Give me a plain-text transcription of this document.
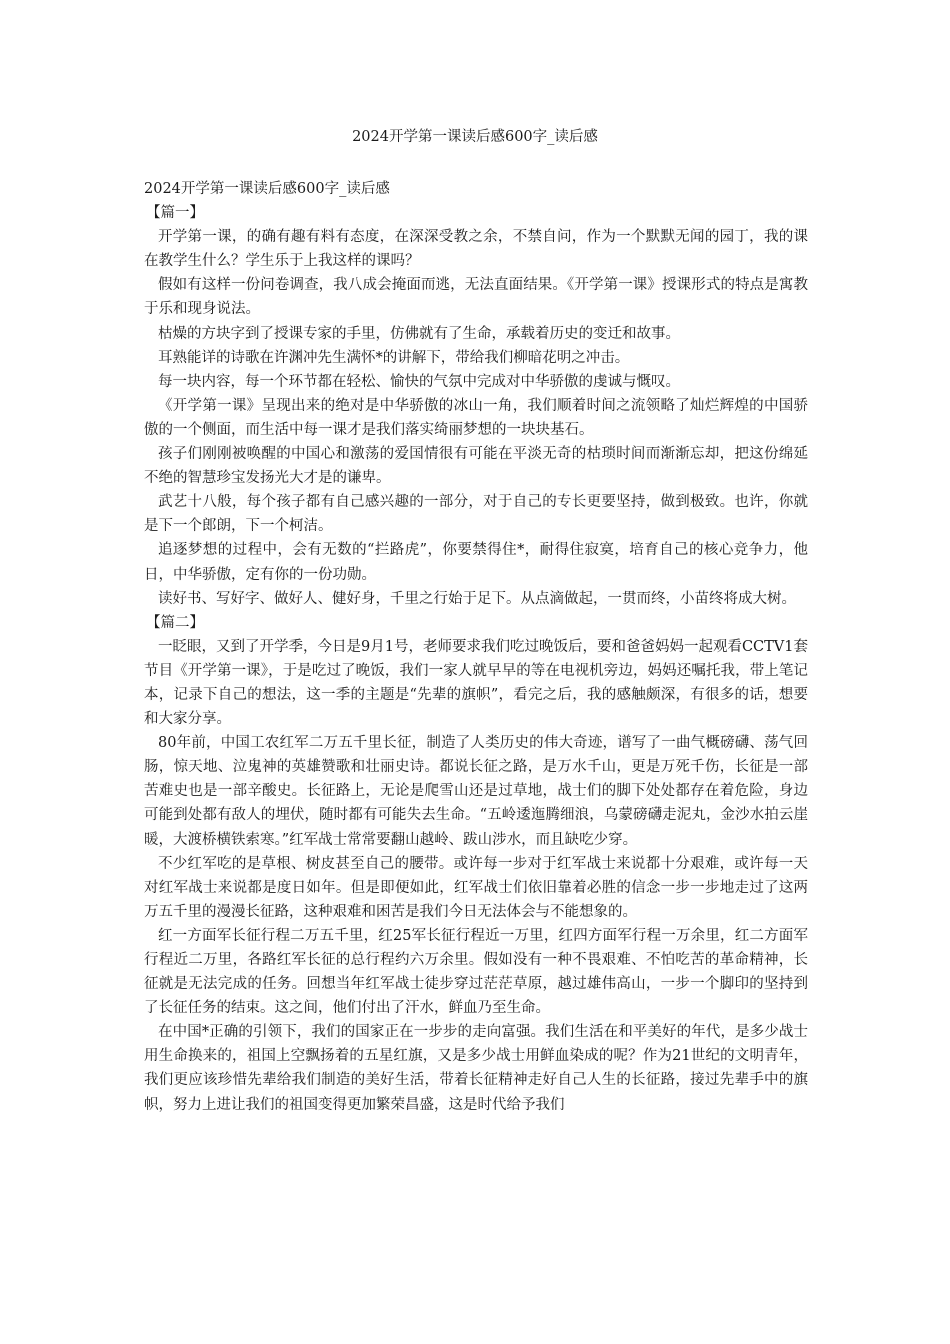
2024开学第一课读后感600字_读后感

2024开学第一课读后感600字_读后感

【篇一】

开学第一课，的确有趣有料有态度，在深深受教之余，不禁自问，作为一个默默无闻的园丁，我的课在教学生什么？学生乐于上我这样的课吗？

假如有这样一份问卷调查，我八成会掩面而逃，无法直面结果。《开学第一课》授课形式的特点是寓教于乐和现身说法。

枯燥的方块字到了授课专家的手里，仿佛就有了生命，承载着历史的变迁和故事。

耳熟能详的诗歌在许渊冲先生满怀*的讲解下，带给我们柳暗花明之冲击。

每一块内容，每一个环节都在轻松、愉快的气氛中完成对中华骄傲的虔诚与慨叹。

《开学第一课》呈现出来的绝对是中华骄傲的冰山一角，我们顺着时间之流领略了灿烂辉煌的中国骄傲的一个侧面，而生活中每一课才是我们落实绮丽梦想的一块块基石。

孩子们刚刚被唤醒的中国心和激荡的爱国情很有可能在平淡无奇的枯琐时间而渐渐忘却，把这份绵延不绝的智慧珍宝发扬光大才是的谦卑。

武艺十八般，每个孩子都有自己感兴趣的一部分，对于自己的专长更要坚持，做到极致。也许，你就是下一个郎朗，下一个柯洁。

追逐梦想的过程中，会有无数的“拦路虎”，你要禁得住*，耐得住寂寞，培育自己的核心竞争力，他日，中华骄傲，定有你的一份功勋。

读好书、写好字、做好人、健好身，千里之行始于足下。从点滴做起，一贯而终，小苗终将成大树。

【篇二】

一眨眼，又到了开学季，今日是9月1号，老师要求我们吃过晚饭后，要和爸爸妈妈一起观看CCTV1套节目《开学第一课》，于是吃过了晚饭，我们一家人就早早的等在电视机旁边，妈妈还嘱托我，带上笔记本，记录下自己的想法，这一季的主题是“先辈的旗帜”，看完之后，我的感触颇深，有很多的话，想要和大家分享。

80年前，中国工农红军二万五千里长征，制造了人类历史的伟大奇迹，谱写了一曲气概磅礴、荡气回肠，惊天地、泣鬼神的英雄赞歌和壮丽史诗。都说长征之路，是万水千山，更是万死千伤，长征是一部苦难史也是一部辛酸史。长征路上，无论是爬雪山还是过草地，战士们的脚下处处都存在着危险，身边可能到处都有敌人的埋伏，随时都有可能失去生命。“五岭逶迤腾细浪，乌蒙磅礴走泥丸，金沙水拍云崖暖，大渡桥横铁索寒。”红军战士常常要翻山越岭、跋山涉水，而且缺吃少穿。

不少红军吃的是草根、树皮甚至自己的腰带。或许每一步对于红军战士来说都十分艰难，或许每一天对红军战士来说都是度日如年。但是即便如此，红军战士们依旧靠着必胜的信念一步一步地走过了这两万五千里的漫漫长征路，这种艰难和困苦是我们今日无法体会与不能想象的。

红一方面军长征行程二万五千里，红25军长征行程近一万里，红四方面军行程一万余里，红二方面军行程近二万里，各路红军长征的总行程约六万余里。假如没有一种不畏艰难、不怕吃苦的革命精神，长征就是无法完成的任务。回想当年红军战士徒步穿过茫茫草原，越过雄伟高山，一步一个脚印的坚持到了长征任务的结束。这之间，他们付出了汗水，鲜血乃至生命。

在中国*正确的引领下，我们的国家正在一步步的走向富强。我们生活在和平美好的年代，是多少战士用生命换来的，祖国上空飘扬着的五星红旗，又是多少战士用鲜血染成的呢？作为21世纪的文明青年，我们更应该珍惜先辈给我们制造的美好生活，带着长征精神走好自己人生的长征路，接过先辈手中的旗帜，努力上进让我们的祖国变得更加繁荣昌盛，这是时代给予我们
